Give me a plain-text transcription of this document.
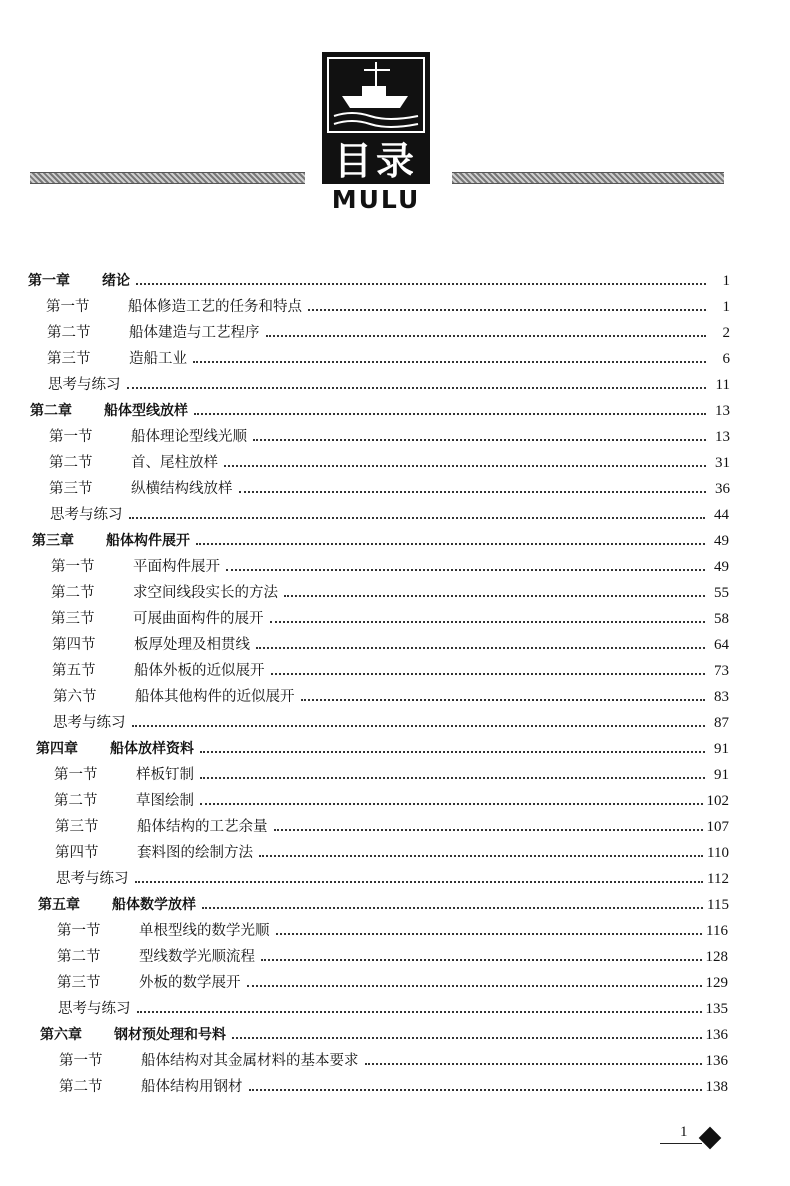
目录
MULU
第一章 绪论	1
第一节	船体修造工艺的任务和特点	1
第二节	船体建造与工艺程序	2
第三节	造船工业	6
思考与练习	11
第二章 船体型线放样	13
第一节	船体理论型线光顺	13
第二节	首、尾柱放样	31
第三节	纵横结构线放样	36
思考与练习	44
第三章 船体构件展开	49
第一节	平面构件展开	49
第二节	求空间线段实长的方法	55
第三节	可展曲面构件的展开	58
第四节	板厚处理及相贯线	64
第五节	船体外板的近似展开	73
第六节	船体其他构件的近似展开	83
思考与练习	87
第四章 船体放样资料	91
第一节	样板钉制	91
第二节	草图绘制	102
第三节	船体结构的工艺余量	107
第四节	套料图的绘制方法	110
思考与练习	112
第五章 船体数学放样	115
第一节	单根型线的数学光顺	116
第二节	型线数学光顺流程	128
第三节	外板的数学展开	129
思考与练习	135
第六章 钢材预处理和号料	136
第一节	船体结构对其金属材料的基本要求	136
第二节	船体结构用钢材	138
1
